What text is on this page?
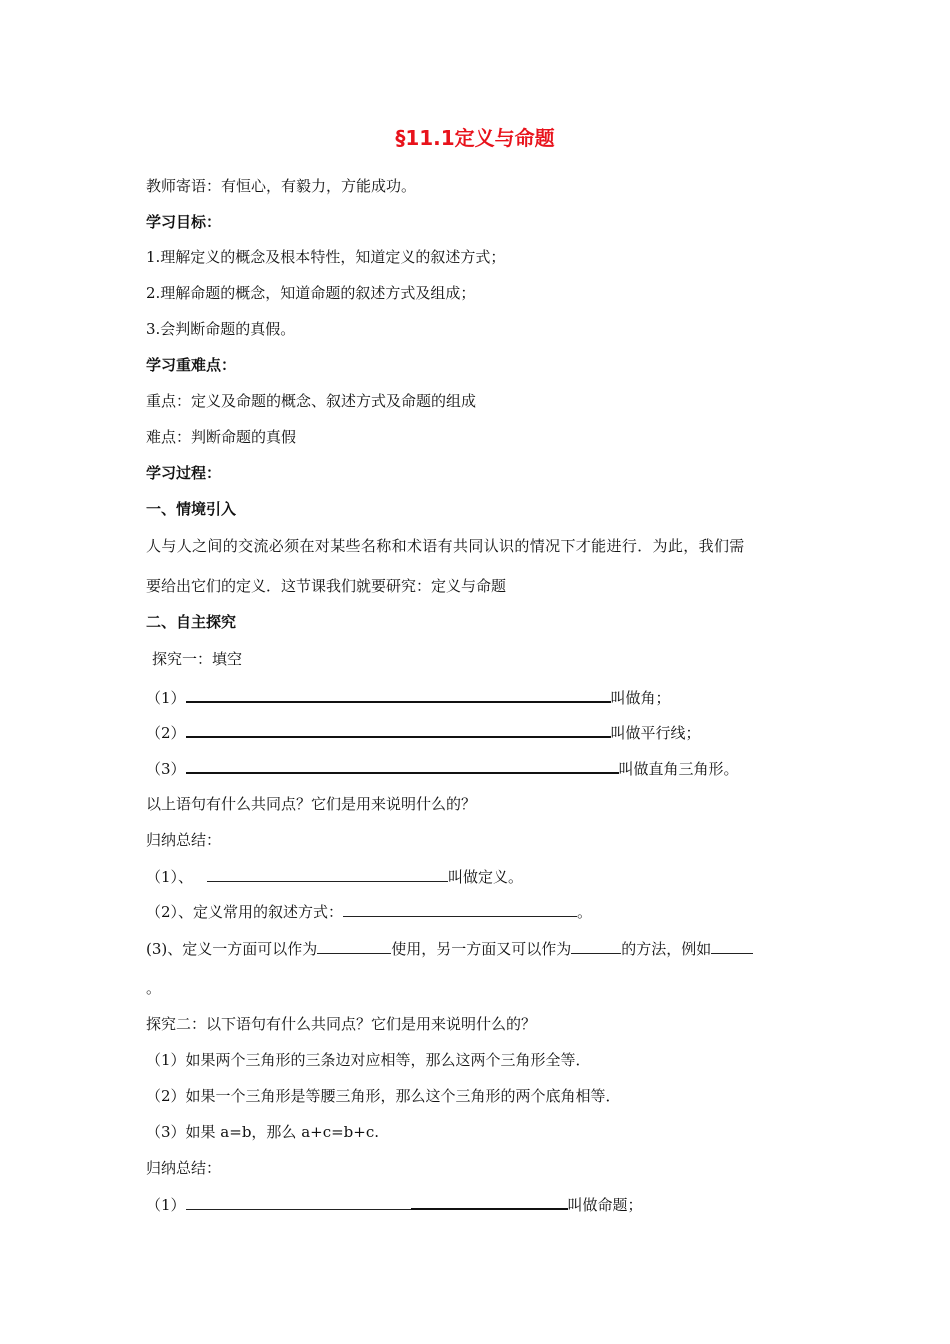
§11.1定义与命题
教师寄语：有恒心，有毅力，方能成功。
学习目标：
1.理解定义的概念及根本特性，知道定义的叙述方式；
2.理解命题的概念，知道命题的叙述方式及组成；
3.会判断命题的真假。
学习重难点：
重点：定义及命题的概念、叙述方式及命题的组成
难点：判断命题的真假
学习过程：
一、情境引入
人与人之间的交流必须在对某些名称和术语有共同认识的情况下才能进行．为此，我们需
要给出它们的定义．这节课我们就要研究：定义与命题
二、自主探究
探究一：填空
（1）	叫做角；
（2）	叫做平行线；
（3）	叫做直角三角形。
以上语句有什么共同点？它们是用来说明什么的？
归纳总结：
（1）、	叫做定义。
（2）、定义常用的叙述方式：	。
(3)、定义一方面可以作为	使用，另一方面又可以作为	的方法，例如
。
探究二：以下语句有什么共同点？它们是用来说明什么的？
（1）如果两个三角形的三条边对应相等，那么这两个三角形全等．
（2）如果一个三角形是等腰三角形，那么这个三角形的两个底角相等．
（3）如果 a=b，那么 a+c=b+c.
归纳总结：
（1）	叫做命题；
